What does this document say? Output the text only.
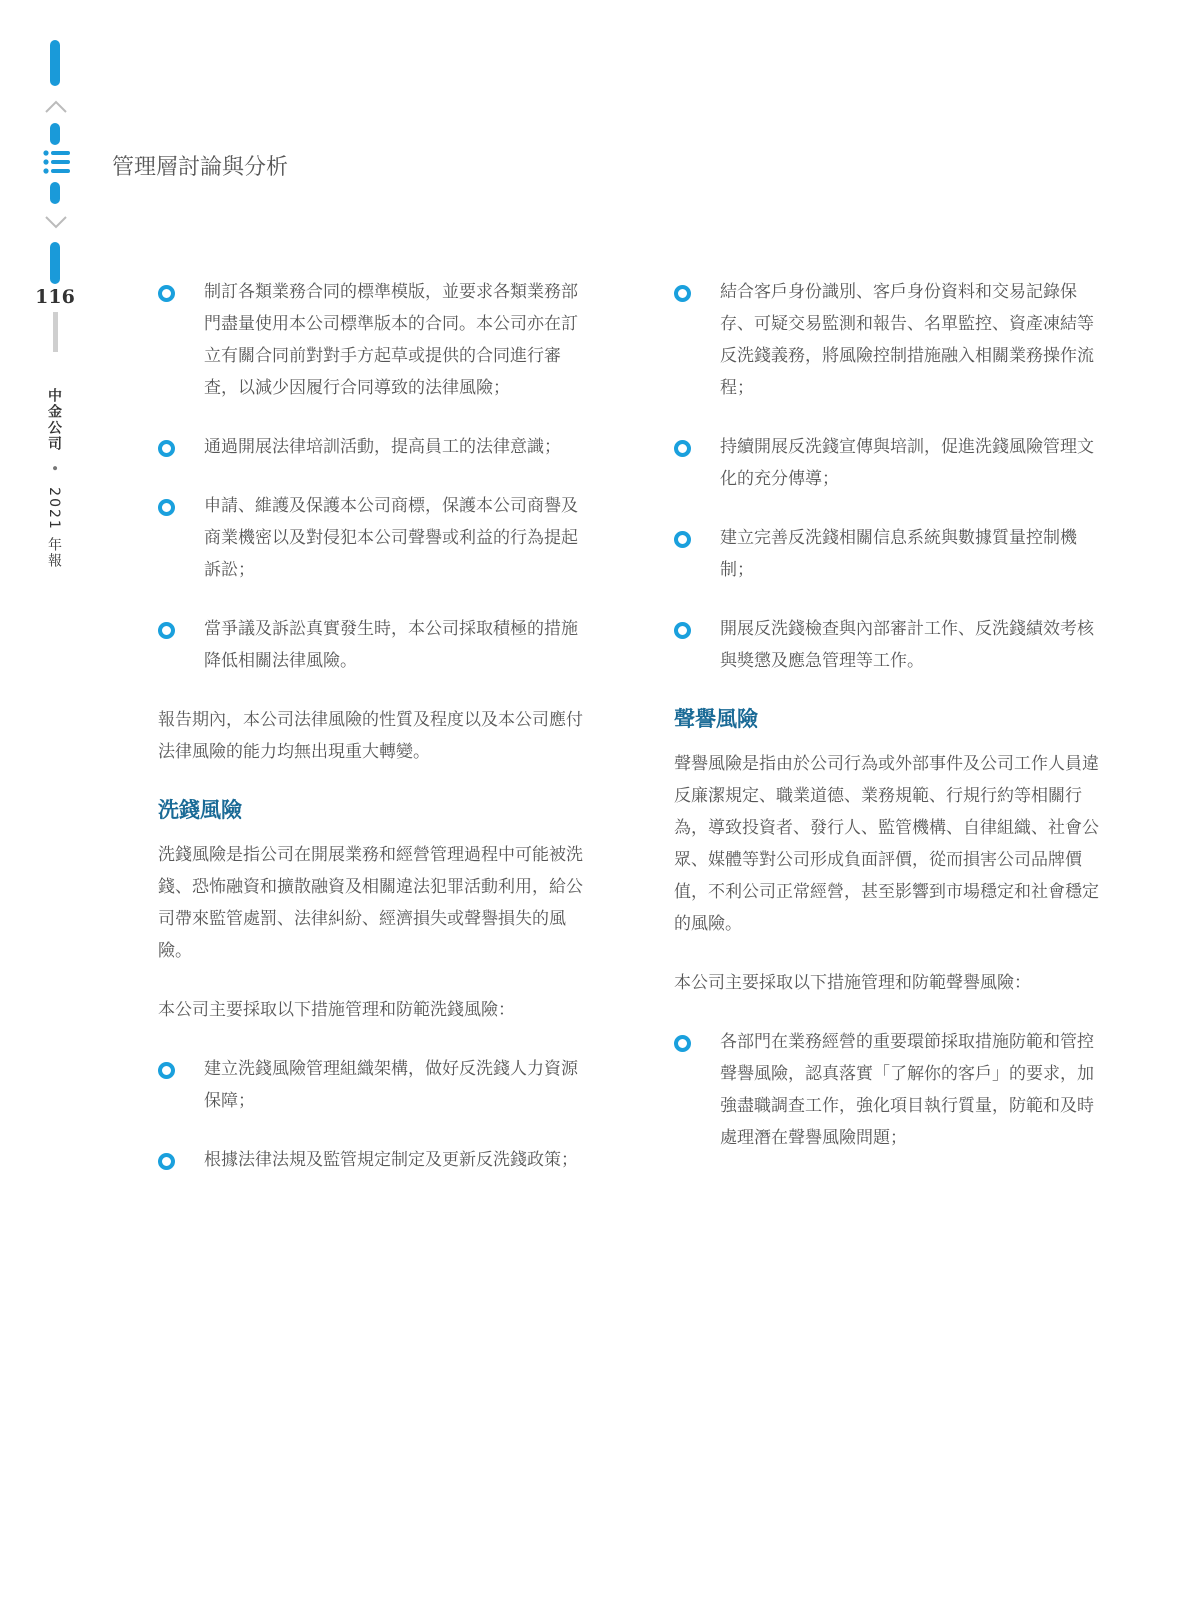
116
中金公司 • 2021 年報
管理層討論與分析
制訂各類業務合同的標準模版，並要求各類業務部門盡量使用本公司標準版本的合同。本公司亦在訂立有關合同前對對手方起草或提供的合同進行審查，以減少因履行合同導致的法律風險；
通過開展法律培訓活動，提高員工的法律意識；
申請、維護及保護本公司商標，保護本公司商譽及商業機密以及對侵犯本公司聲譽或利益的行為提起訴訟；
當爭議及訴訟真實發生時，本公司採取積極的措施降低相關法律風險。
報告期內，本公司法律風險的性質及程度以及本公司應付法律風險的能力均無出現重大轉變。
洗錢風險
洗錢風險是指公司在開展業務和經營管理過程中可能被洗錢、恐怖融資和擴散融資及相關違法犯罪活動利用，給公司帶來監管處罰、法律糾紛、經濟損失或聲譽損失的風險。
本公司主要採取以下措施管理和防範洗錢風險：
建立洗錢風險管理組織架構，做好反洗錢人力資源保障；
根據法律法規及監管規定制定及更新反洗錢政策；
結合客戶身份識別、客戶身份資料和交易記錄保存、可疑交易監測和報告、名單監控、資產凍結等反洗錢義務，將風險控制措施融入相關業務操作流程；
持續開展反洗錢宣傳與培訓，促進洗錢風險管理文化的充分傳導；
建立完善反洗錢相關信息系統與數據質量控制機制；
開展反洗錢檢查與內部審計工作、反洗錢績效考核與獎懲及應急管理等工作。
聲譽風險
聲譽風險是指由於公司行為或外部事件及公司工作人員違反廉潔規定、職業道德、業務規範、行規行約等相關行為，導致投資者、發行人、監管機構、自律組織、社會公眾、媒體等對公司形成負面評價，從而損害公司品牌價值，不利公司正常經營，甚至影響到市場穩定和社會穩定的風險。
本公司主要採取以下措施管理和防範聲譽風險：
各部門在業務經營的重要環節採取措施防範和管控聲譽風險，認真落實「了解你的客戶」的要求，加強盡職調查工作，強化項目執行質量，防範和及時處理潛在聲譽風險問題；
